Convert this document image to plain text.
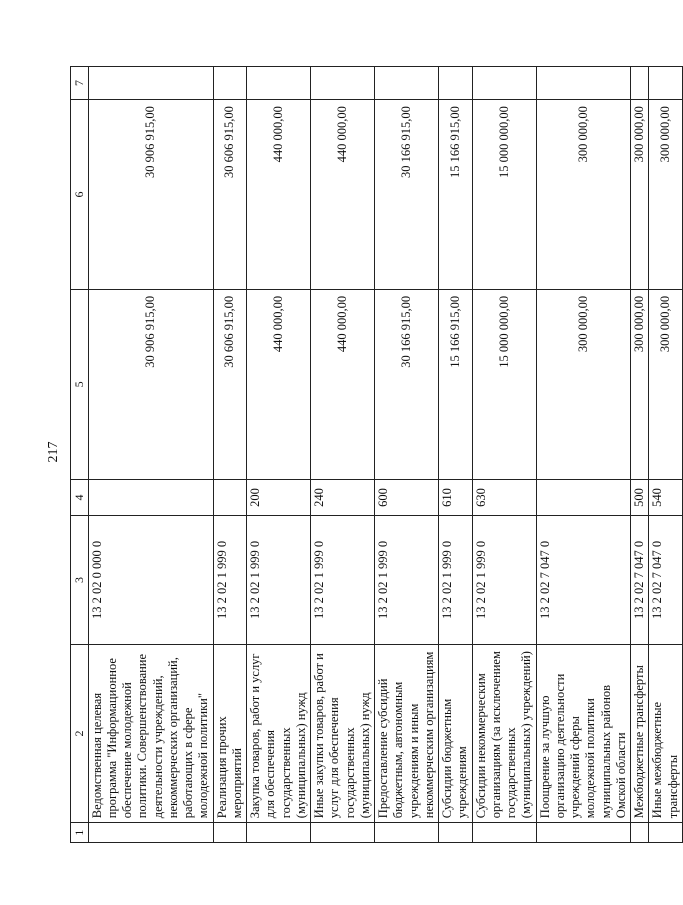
217
1	2	3	4	5	6	7
	Ведомственная целевая программа "Информационное обеспечение молодежной политики. Совершенствование деятельности учреждений, некоммерческих организаций, работающих в сфере молодежной политики"	13 2 02 0 000 0		30 906 915,00	30 906 915,00	
	Реализация прочих мероприятий	13 2 02 1 999 0		30 606 915,00	30 606 915,00	
	Закупка товаров, работ и услуг для обеспечения государственных (муниципальных) нужд	13 2 02 1 999 0	200	440 000,00	440 000,00	
	Иные закупки товаров, работ и услуг для обеспечения государственных (муниципальных) нужд	13 2 02 1 999 0	240	440 000,00	440 000,00	
	Предоставление субсидий бюджетным, автономным учреждениям и иным некоммерческим организациям	13 2 02 1 999 0	600	30 166 915,00	30 166 915,00	
	Субсидии бюджетным учреждениям	13 2 02 1 999 0	610	15 166 915,00	15 166 915,00	
	Субсидии некоммерческим организациям (за исключением государственных (муниципальных) учреждений)	13 2 02 1 999 0	630	15 000 000,00	15 000 000,00	
	Поощрение за лучшую организацию деятельности учреждений сферы молодежной политики муниципальных районов Омской области	13 2 02 7 047 0		300 000,00	300 000,00	
	Межбюджетные трансферты	13 2 02 7 047 0	500	300 000,00	300 000,00	
	Иные межбюджетные трансферты	13 2 02 7 047 0	540	300 000,00	300 000,00	
